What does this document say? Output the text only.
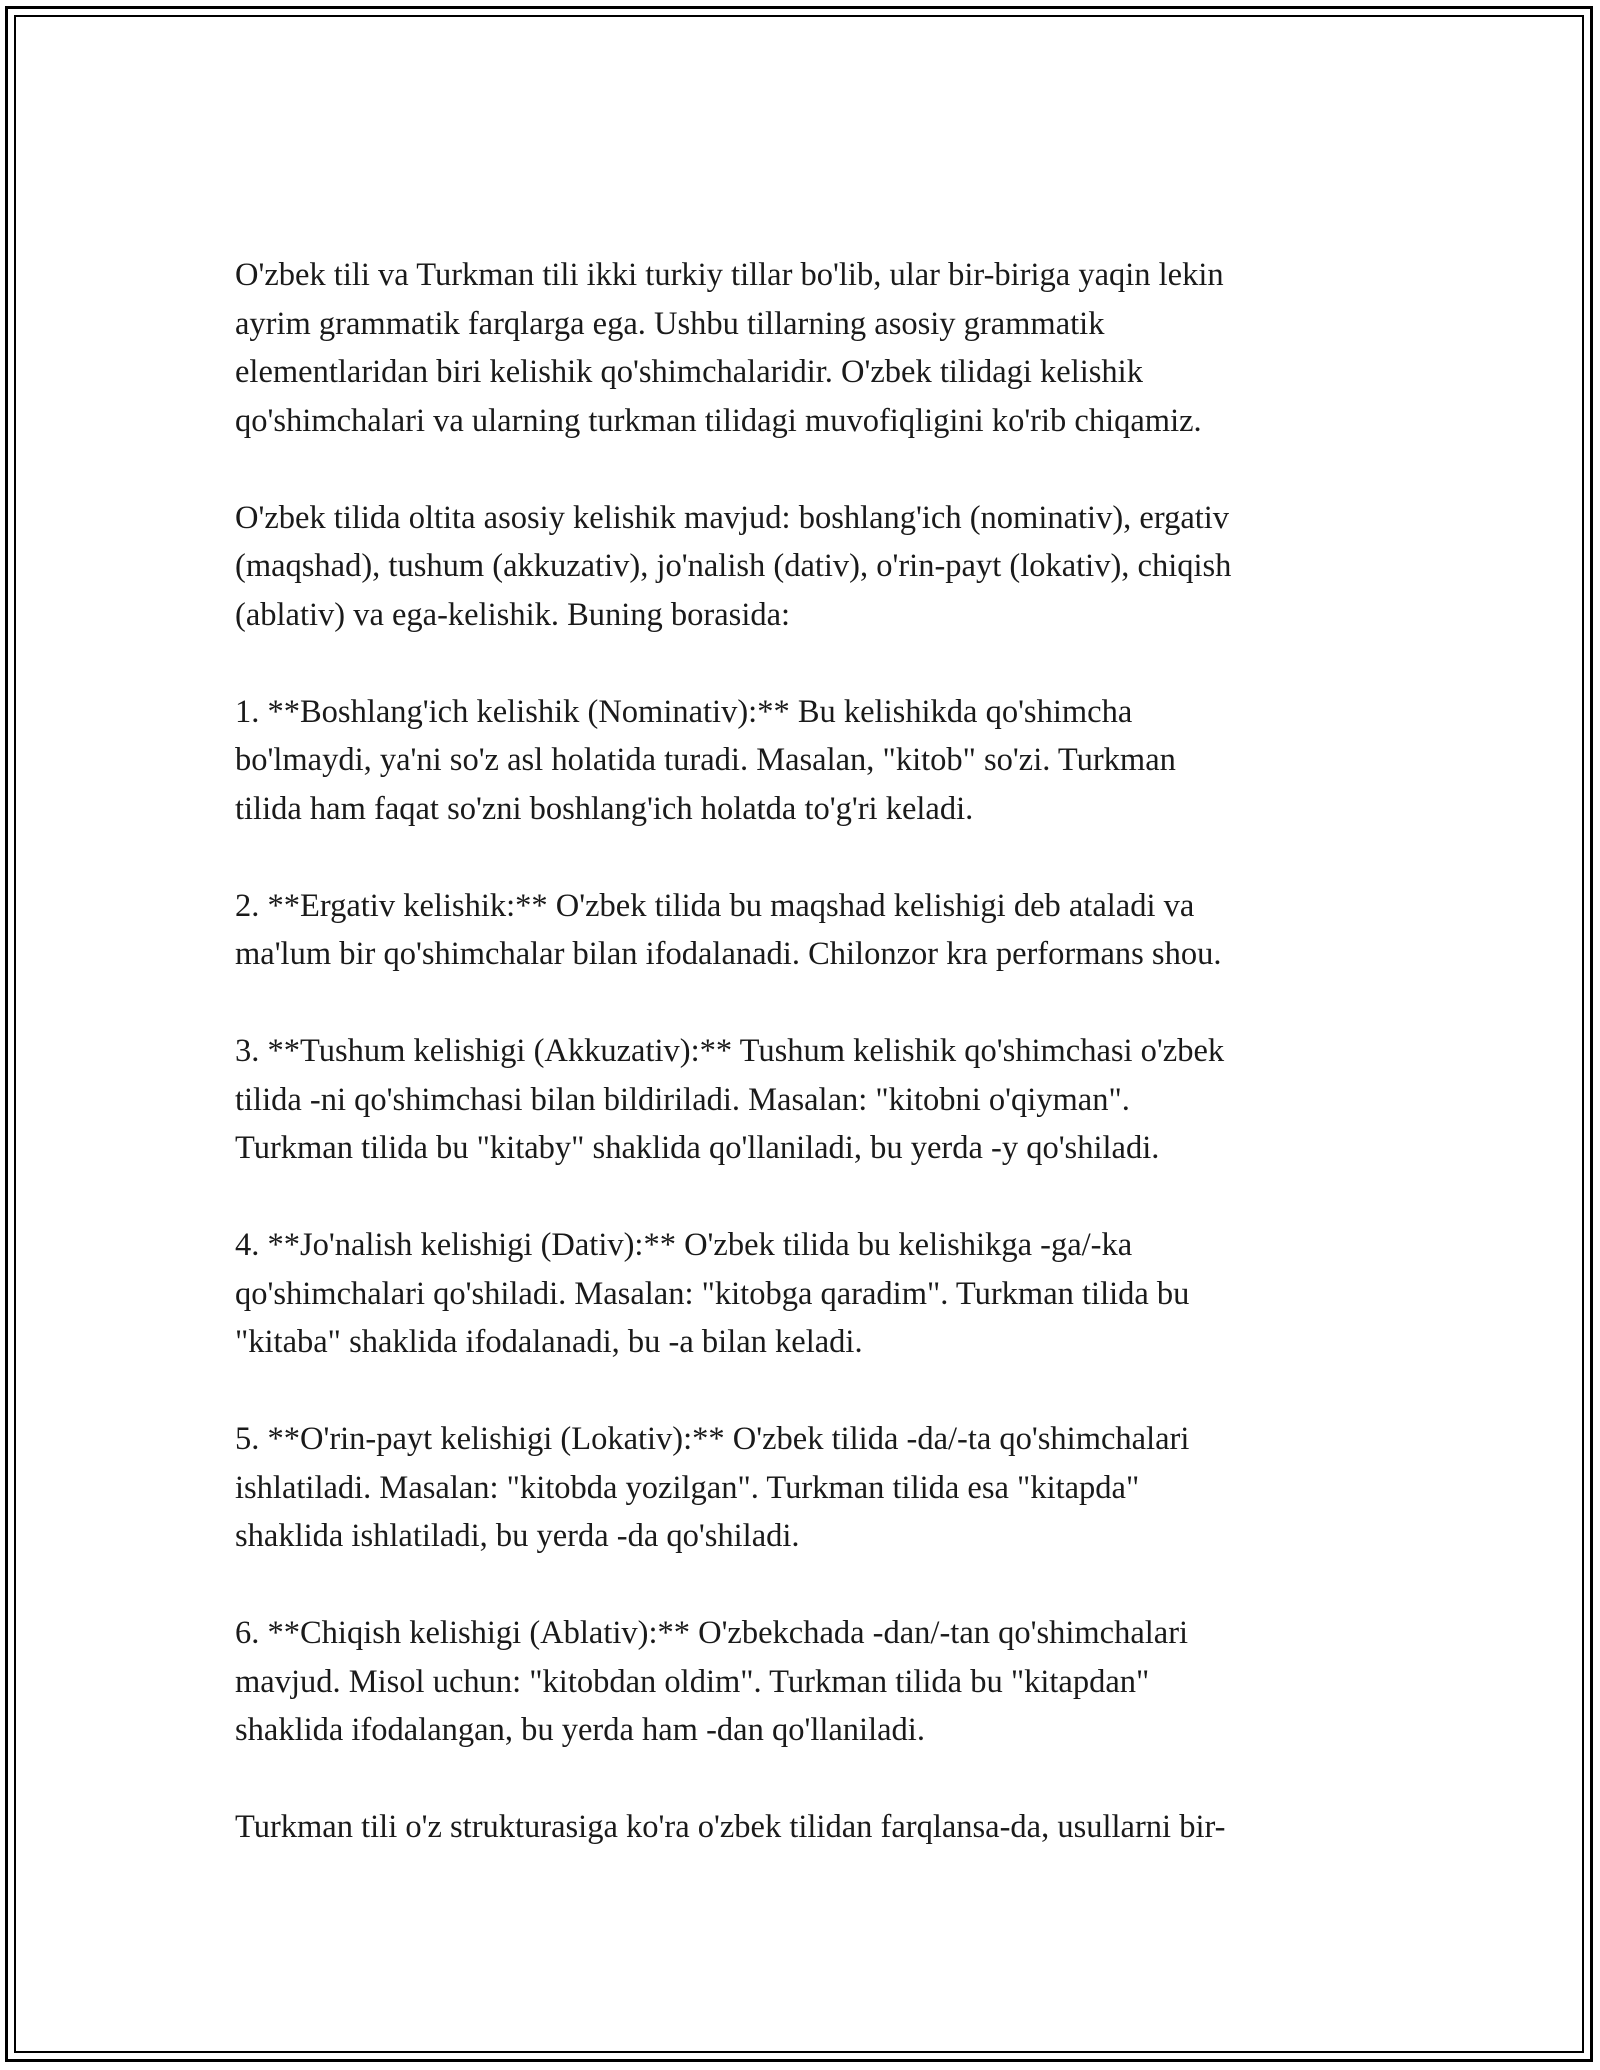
O'zbek tili va Turkman tili ikki turkiy tillar bo'lib, ular bir-biriga yaqin lekin
ayrim grammatik farqlarga ega. Ushbu tillarning asosiy grammatik
elementlaridan biri kelishik qo'shimchalaridir. O'zbek tilidagi kelishik
qo'shimchalari va ularning turkman tilidagi muvofiqligini ko'rib chiqamiz.

O'zbek tilida oltita asosiy kelishik mavjud: boshlang'ich (nominativ), ergativ
(maqshad), tushum (akkuzativ), jo'nalish (dativ), o'rin-payt (lokativ), chiqish
(ablativ) va ega-kelishik. Buning borasida:

1. **Boshlang'ich kelishik (Nominativ):** Bu kelishikda qo'shimcha
bo'lmaydi, ya'ni so'z asl holatida turadi. Masalan, "kitob" so'zi. Turkman
tilida ham faqat so'zni boshlang'ich holatda to'g'ri keladi.

2. **Ergativ kelishik:** O'zbek tilida bu maqshad kelishigi deb ataladi va
ma'lum bir qo'shimchalar bilan ifodalanadi. Chilonzor kra performans shou.

3. **Tushum kelishigi (Akkuzativ):** Tushum kelishik qo'shimchasi o'zbek
tilida -ni qo'shimchasi bilan bildiriladi. Masalan: "kitobni o'qiyman".
Turkman tilida bu "kitaby" shaklida qo'llaniladi, bu yerda -y qo'shiladi.

4. **Jo'nalish kelishigi (Dativ):** O'zbek tilida bu kelishikga -ga/-ka
qo'shimchalari qo'shiladi. Masalan: "kitobga qaradim". Turkman tilida bu
"kitaba" shaklida ifodalanadi, bu -a bilan keladi.

5. **O'rin-payt kelishigi (Lokativ):** O'zbek tilida -da/-ta qo'shimchalari
ishlatiladi. Masalan: "kitobda yozilgan". Turkman tilida esa "kitapda"
shaklida ishlatiladi, bu yerda -da qo'shiladi.

6. **Chiqish kelishigi (Ablativ):** O'zbekchada -dan/-tan qo'shimchalari
mavjud. Misol uchun: "kitobdan oldim". Turkman tilida bu "kitapdan"
shaklida ifodalangan, bu yerda ham -dan qo'llaniladi.

Turkman tili o'z strukturasiga ko'ra o'zbek tilidan farqlansa-da, usullarni bir-
